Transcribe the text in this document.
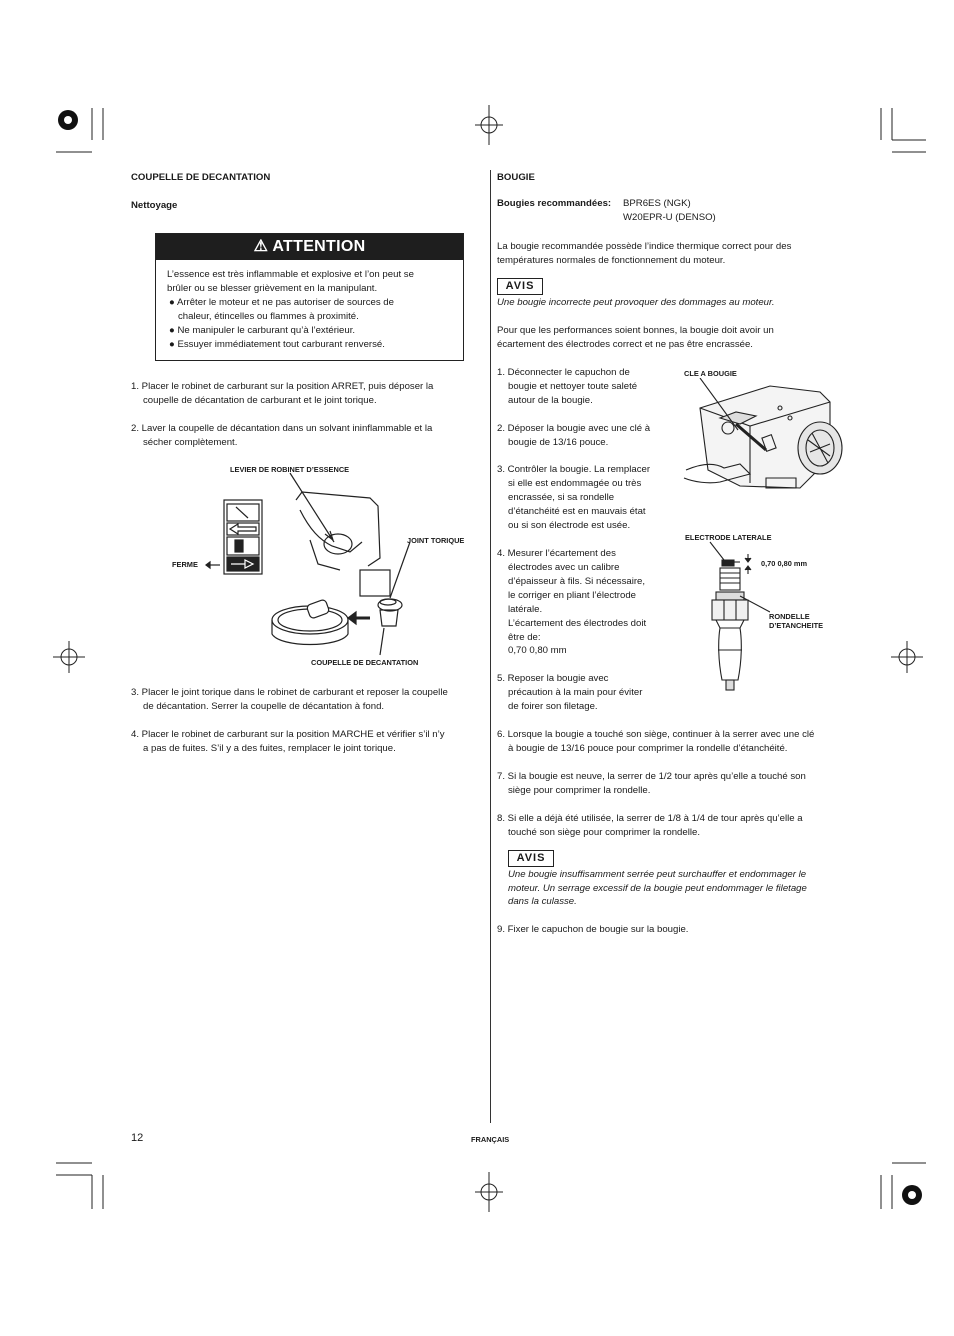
COUPELLE DE DECANTATION
Nettoyage
⚠ ATTENTION
L’essence est très inflammable et explosive et l’on peut se
brûler ou se blesser grièvement en la manipulant.
● Arrêter le moteur et ne pas autoriser de sources de
chaleur, étincelles ou flammes à proximité.
● Ne manipuler le carburant qu’à l’extérieur.
● Essuyer immédiatement tout carburant renversé.
1. Placer le robinet de carburant sur la position ARRET, puis déposer la
coupelle de décantation de carburant et le joint torique.
2. Laver la coupelle de décantation dans un solvant ininflammable et la
sécher complètement.
LEVIER DE ROBINET D’ESSENCE
JOINT TORIQUE
FERME
COUPELLE DE DECANTATION
3. Placer le joint torique dans le robinet de carburant et reposer la coupelle
de décantation. Serrer la coupelle de décantation à fond.
4. Placer le robinet de carburant sur la position MARCHE et vérifier s’il n’y
a pas de fuites. S’il y a des fuites, remplacer le joint torique.
BOUGIE
Bougies recommandées: BPR6ES (NGK)
W20EPR-U (DENSO)
La bougie recommandée possède l’indice thermique correct pour des
températures normales de fonctionnement du moteur.
AVIS
Une bougie incorrecte peut provoquer des dommages au moteur.
Pour que les performances soient bonnes, la bougie doit avoir un
écartement des électrodes correct et ne pas être encrassée.
1. Déconnecter le capuchon de
bougie et nettoyer toute saleté
autour de la bougie.
2. Déposer la bougie avec une clé à
bougie de 13/16 pouce.
3. Contrôler la bougie. La remplacer
si elle est endommagée ou très
encrassée, si sa rondelle
d’étanchéité est en mauvais état
ou si son électrode est usée.
4. Mesurer l’écartement des
électrodes avec un calibre
d’épaisseur à fils. Si nécessaire,
le corriger en pliant l’électrode
latérale.
L’écartement des électrodes doit
être de:
0,70 0,80 mm
5. Reposer la bougie avec
précaution à la main pour éviter
de foirer son filetage.
CLE A BOUGIE
ELECTRODE LATERALE
0,70 0,80 mm
RONDELLE
D’ETANCHEITE
6. Lorsque la bougie a touché son siège, continuer à la serrer avec une clé
à bougie de 13/16 pouce pour comprimer la rondelle d’étanchéité.
7. Si la bougie est neuve, la serrer de 1/2 tour après qu’elle a touché son
siège pour comprimer la rondelle.
8. Si elle a déjà été utilisée, la serrer de 1/8 à 1/4 de tour après qu’elle a
touché son siège pour comprimer la rondelle.
AVIS
Une bougie insuffisamment serrée peut surchauffer et endommager le
moteur. Un serrage excessif de la bougie peut endommager le filetage
dans la culasse.
9. Fixer le capuchon de bougie sur la bougie.
12	FRANÇAIS
